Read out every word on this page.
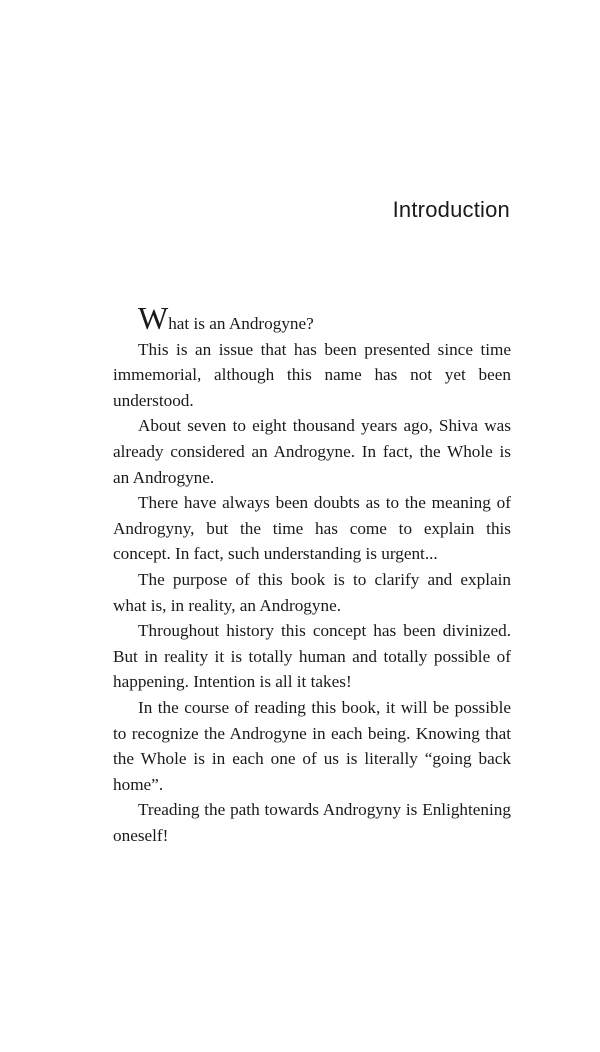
Introduction

What is an Androgyne?

This is an issue that has been presented since time immemorial, although this name has not yet been understood.

About seven to eight thousand years ago, Shiva was already considered an Androgyne. In fact, the Whole is an Androgyne.

There have always been doubts as to the meaning of Androgyny, but the time has come to explain this concept. In fact, such understanding is urgent...

The purpose of this book is to clarify and explain what is, in reality, an Androgyne.

Throughout history this concept has been divinized. But in reality it is totally human and totally possible of happening. Intention is all it takes!

In the course of reading this book, it will be possible to recognize the Androgyne in each being. Knowing that the Whole is in each one of us is literally “going back home”.

Treading the path towards Androgyny is Enlightening oneself!
